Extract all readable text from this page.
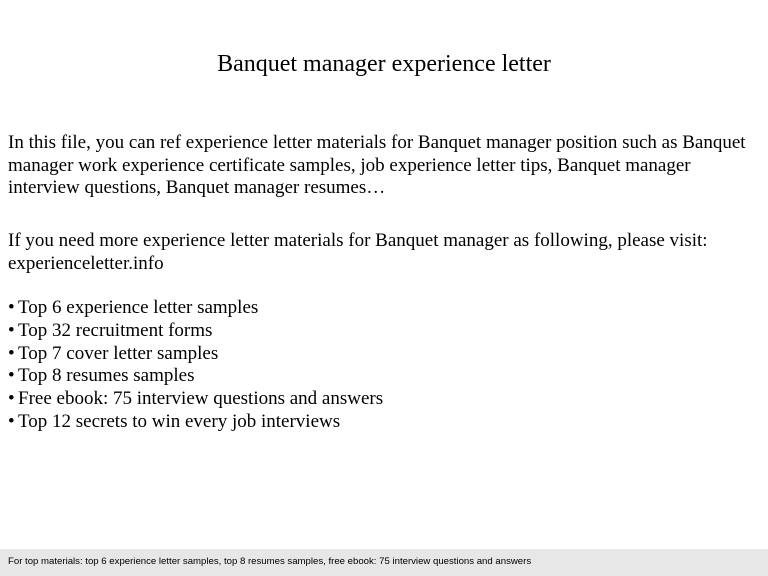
Banquet manager experience letter

In this file, you can ref experience letter materials for Banquet manager position such as Banquet manager work experience certificate samples, job experience letter tips, Banquet manager interview questions, Banquet manager resumes…

If you need more experience letter materials for Banquet manager as following, please visit: experienceletter.info

• Top 6 experience letter samples
• Top 32 recruitment forms
• Top 7 cover letter samples
• Top 8 resumes samples
• Free ebook: 75 interview questions and answers
• Top 12 secrets to win every job interviews
For top materials: top 6 experience letter samples, top 8 resumes samples, free ebook: 75 interview questions and answers
